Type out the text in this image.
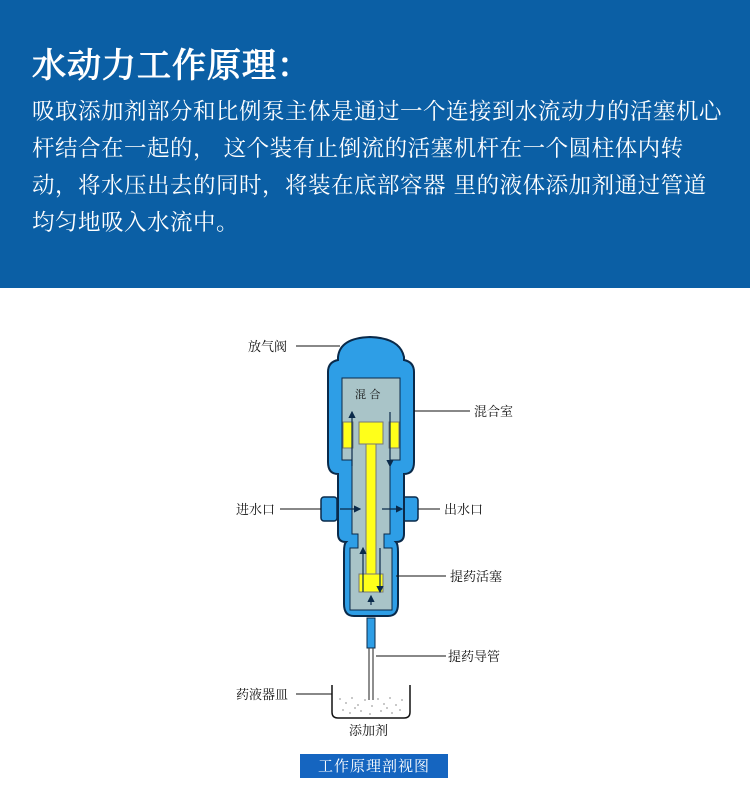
水动力工作原理：
吸取添加剂部分和比例泵主体是通过一个连接到水流动力的活塞机心杆结合在一起的， 这个装有止倒流的活塞机杆在一个圆柱体内转动，将水压出去的同时，将装在底部容器 里的液体添加剂通过管道均匀地吸入水流中。
放气阀
混 合
混合室
进水口	出水口
提药活塞
提药导管
药液器皿
添加剂
工作原理剖视图
